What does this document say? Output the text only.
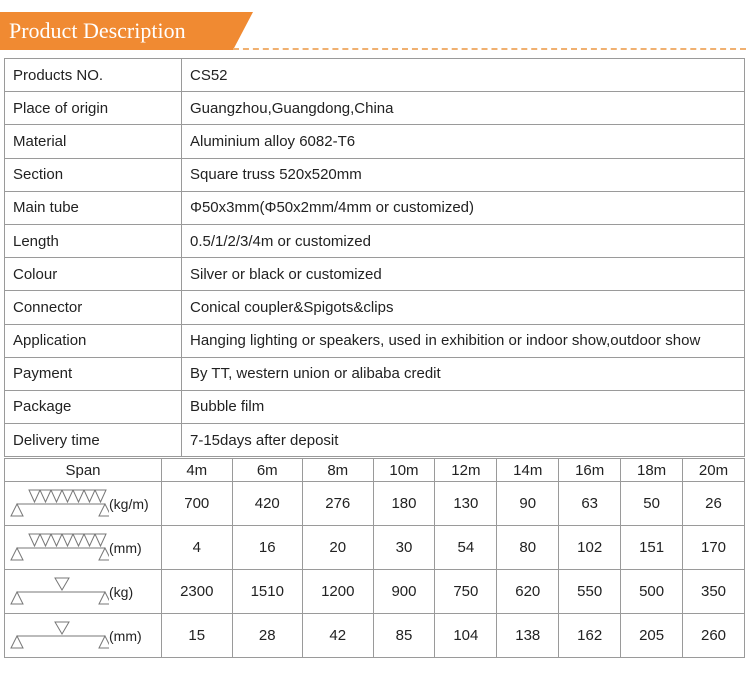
Product Description
Products NO.	CS52
Place of origin	Guangzhou,Guangdong,China
Material	Aluminium alloy 6082-T6
Section	Square truss 520x520mm
Main tube	Φ50x3mm(Φ50x2mm/4mm or customized)
Length	0.5/1/2/3/4m or customized
Colour	Silver or black or customized
Connector	Conical coupler&Spigots&clips
Application	Hanging lighting or speakers, used in exhibition or indoor show,outdoor show
Payment	By TT, western union or alibaba credit
Package	Bubble film
Delivery time	7-15days after deposit
Span	4m	6m	8m	10m	12m	14m	16m	18m	20m

(kg/m)	700	420	276	180	130	90	63	50	26

(mm)	4	16	20	30	54	80	102	151	170

(kg)	2300	1510	1200	900	750	620	550	500	350

(mm)	15	28	42	85	104	138	162	205	260
